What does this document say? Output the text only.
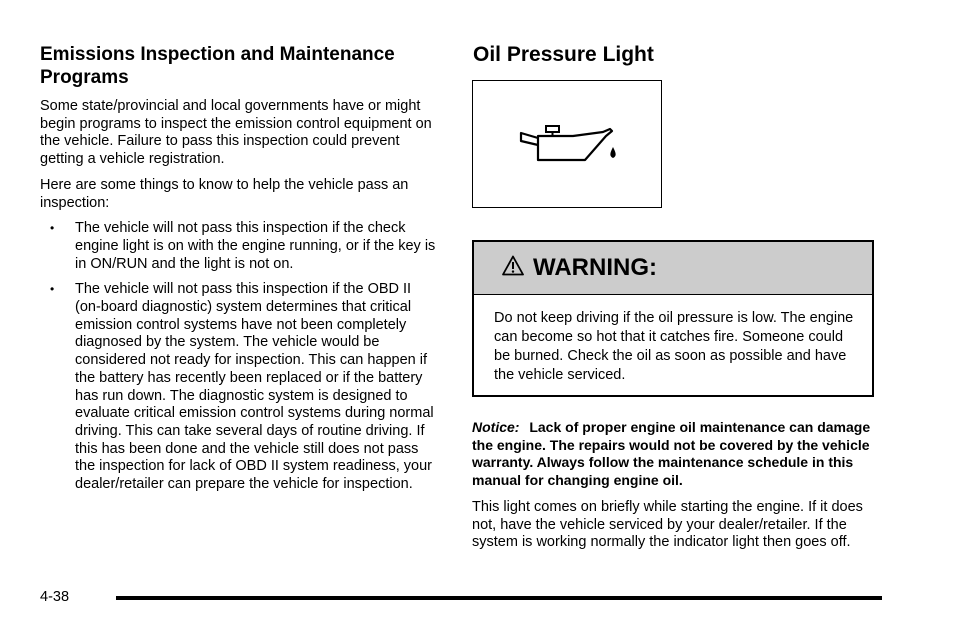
Emissions Inspection and Maintenance Programs

Some state/provincial and local governments have or might begin programs to inspect the emission control equipment on the vehicle. Failure to pass this inspection could prevent getting a vehicle registration.

Here are some things to know to help the vehicle pass an inspection:

• The vehicle will not pass this inspection if the check engine light is on with the engine running, or if the key is in ON/RUN and the light is not on.
• The vehicle will not pass this inspection if the OBD II (on-board diagnostic) system determines that critical emission control systems have not been completely diagnosed by the system. The vehicle would be considered not ready for inspection. This can happen if the battery has recently been replaced or if the battery has run down. The diagnostic system is designed to evaluate critical emission control systems during normal driving. This can take several days of routine driving. If this has been done and the vehicle still does not pass the inspection for lack of OBD II system readiness, your dealer/retailer can prepare the vehicle for inspection.
Oil Pressure Light
WARNING:

Do not keep driving if the oil pressure is low. The engine can become so hot that it catches fire. Someone could be burned. Check the oil as soon as possible and have the vehicle serviced.

Notice: Lack of proper engine oil maintenance can damage the engine. The repairs would not be covered by the vehicle warranty. Always follow the maintenance schedule in this manual for changing engine oil.

This light comes on briefly while starting the engine. If it does not, have the vehicle serviced by your dealer/retailer. If the system is working normally the indicator light then goes off.

4-38
